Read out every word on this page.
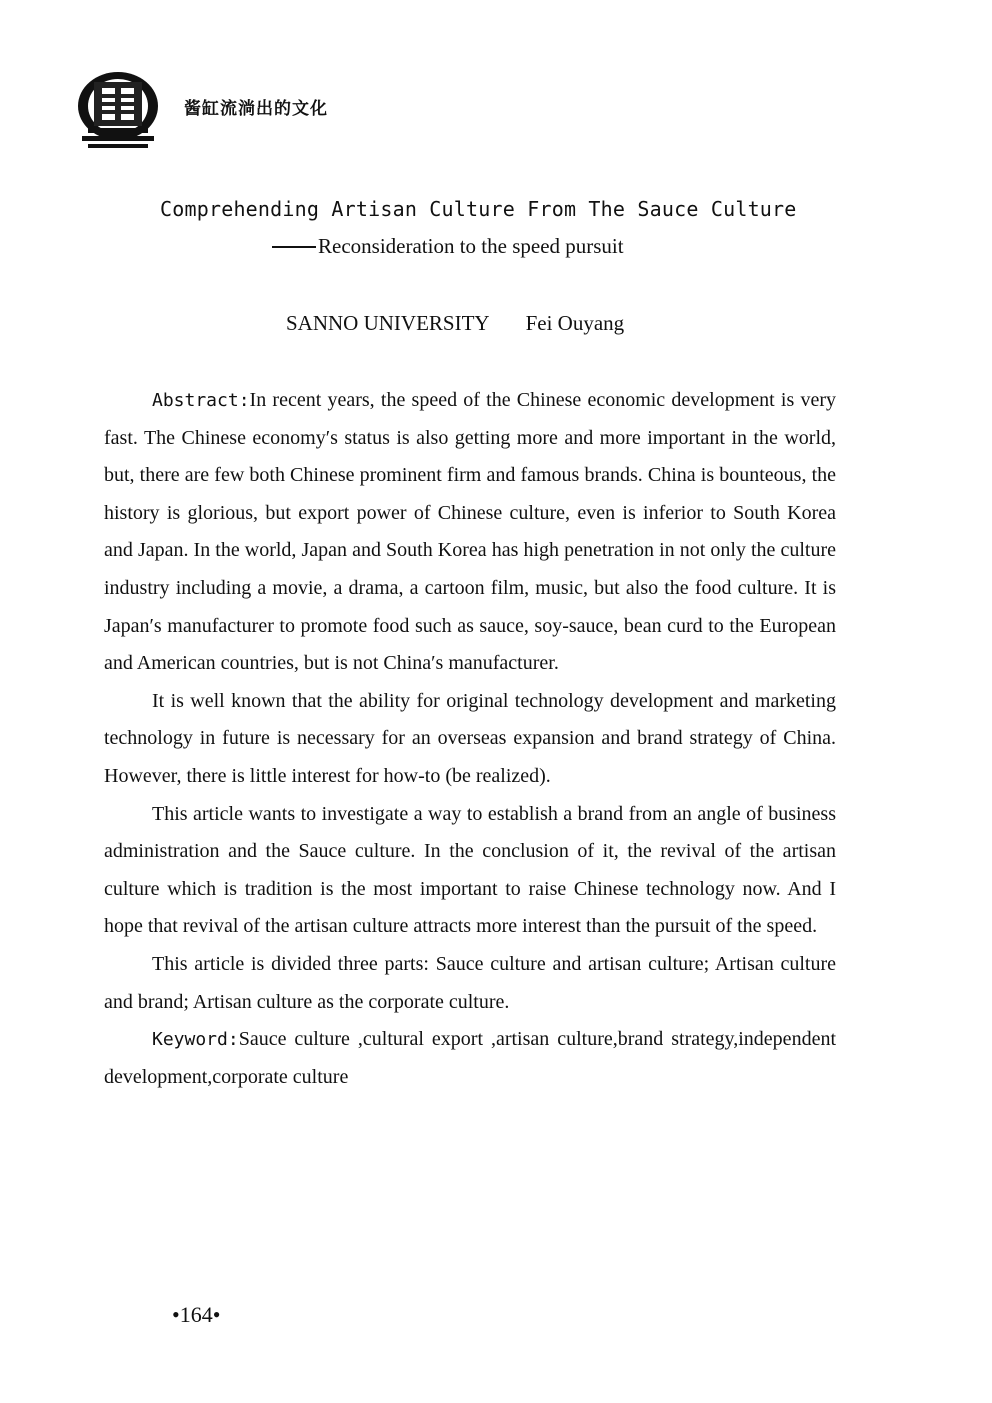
酱缸流淌出的文化
Comprehending Artisan Culture From The Sauce Culture
Reconsideration to the speed pursuit
SANNO UNIVERSITY Fei Ouyang

Abstract:In recent years, the speed of the Chinese economic development is very fast. The Chinese economy′s status is also getting more and more important in the world, but, there are few both Chinese prominent firm and famous brands. China is bounteous, the history is glorious, but export power of Chinese culture, even is inferior to South Korea and Japan. In the world, Japan and South Korea has high penetration in not only the culture industry including a movie, a drama, a cartoon film, music, but also the food culture. It is Japan′s manufacturer to promote food such as sauce, soy-sauce, bean curd to the European and American countries, but is not China′s manufacturer.

It is well known that the ability for original technology development and marketing technology in future is necessary for an overseas expansion and brand strategy of China. However, there is little interest for how-to (be realized).

This article wants to investigate a way to establish a brand from an angle of business administration and the Sauce culture. In the conclusion of it, the revival of the artisan culture which is tradition is the most important to raise Chinese technology now. And I hope that revival of the artisan culture attracts more interest than the pursuit of the speed.

This article is divided three parts: Sauce culture and artisan culture; Artisan culture and brand; Artisan culture as the corporate culture.

Keyword:Sauce culture ,cultural export ,artisan culture,brand strategy,independent development,corporate culture

•164•
